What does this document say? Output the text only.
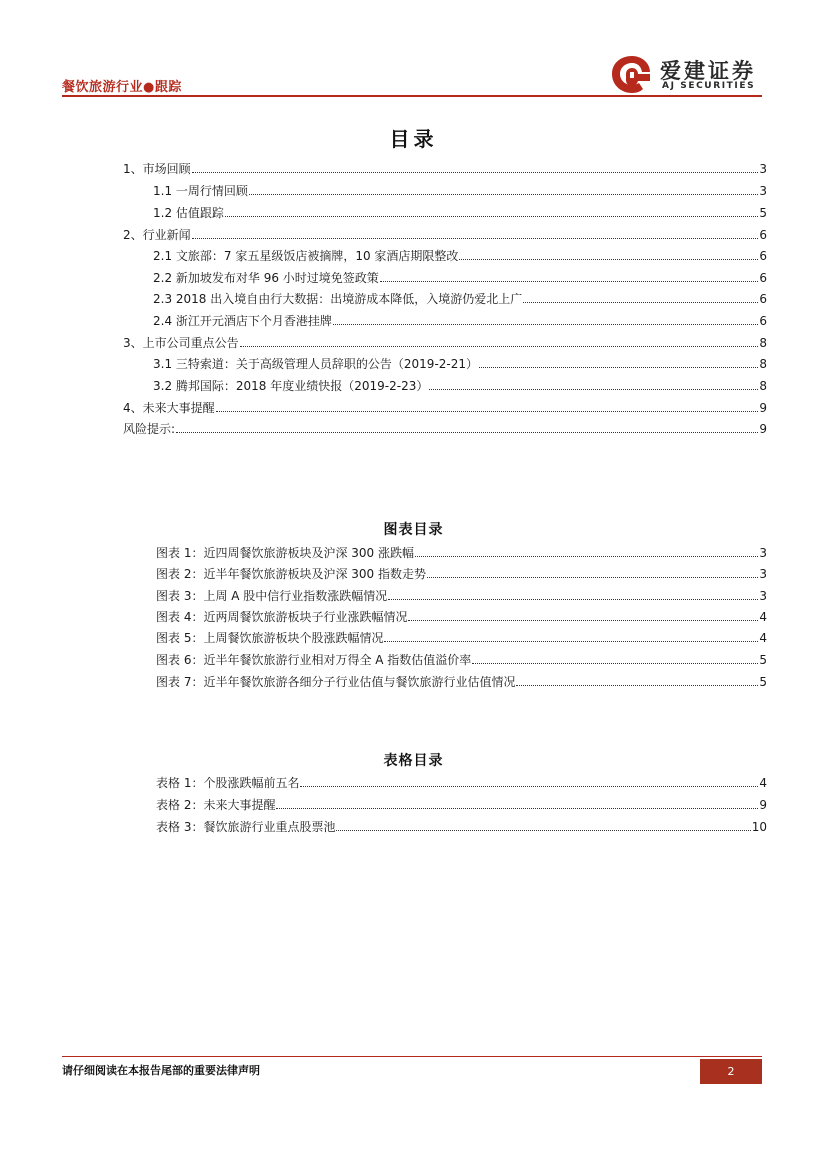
餐饮旅游行业●跟踪
爱建证券
AJ SECURITIES
目录
1、市场回顾	3
1.1 一周行情回顾	3
1.2 估值跟踪	5
2、行业新闻	6
2.1 文旅部：7 家五星级饭店被摘牌，10 家酒店期限整改	6
2.2 新加坡发布对华 96 小时过境免签政策	6
2.3 2018 出入境自由行大数据：出境游成本降低，入境游仍爱北上广	6
2.4 浙江开元酒店下个月香港挂牌	6
3、上市公司重点公告	8
3.1 三特索道：关于高级管理人员辞职的公告（2019-2-21）	8
3.2 腾邦国际：2018 年度业绩快报（2019-2-23）	8
4、未来大事提醒	9
风险提示:	9
图表目录
图表 1：近四周餐饮旅游板块及沪深 300 涨跌幅	3
图表 2：近半年餐饮旅游板块及沪深 300 指数走势	3
图表 3：上周 A 股中信行业指数涨跌幅情况	3
图表 4：近两周餐饮旅游板块子行业涨跌幅情况	4
图表 5：上周餐饮旅游板块个股涨跌幅情况	4
图表 6：近半年餐饮旅游行业相对万得全 A 指数估值溢价率	5
图表 7：近半年餐饮旅游各细分子行业估值与餐饮旅游行业估值情况	5
表格目录
表格 1：个股涨跌幅前五名	4
表格 2：未来大事提醒	9
表格 3：餐饮旅游行业重点股票池	10
请仔细阅读在本报告尾部的重要法律声明	2
